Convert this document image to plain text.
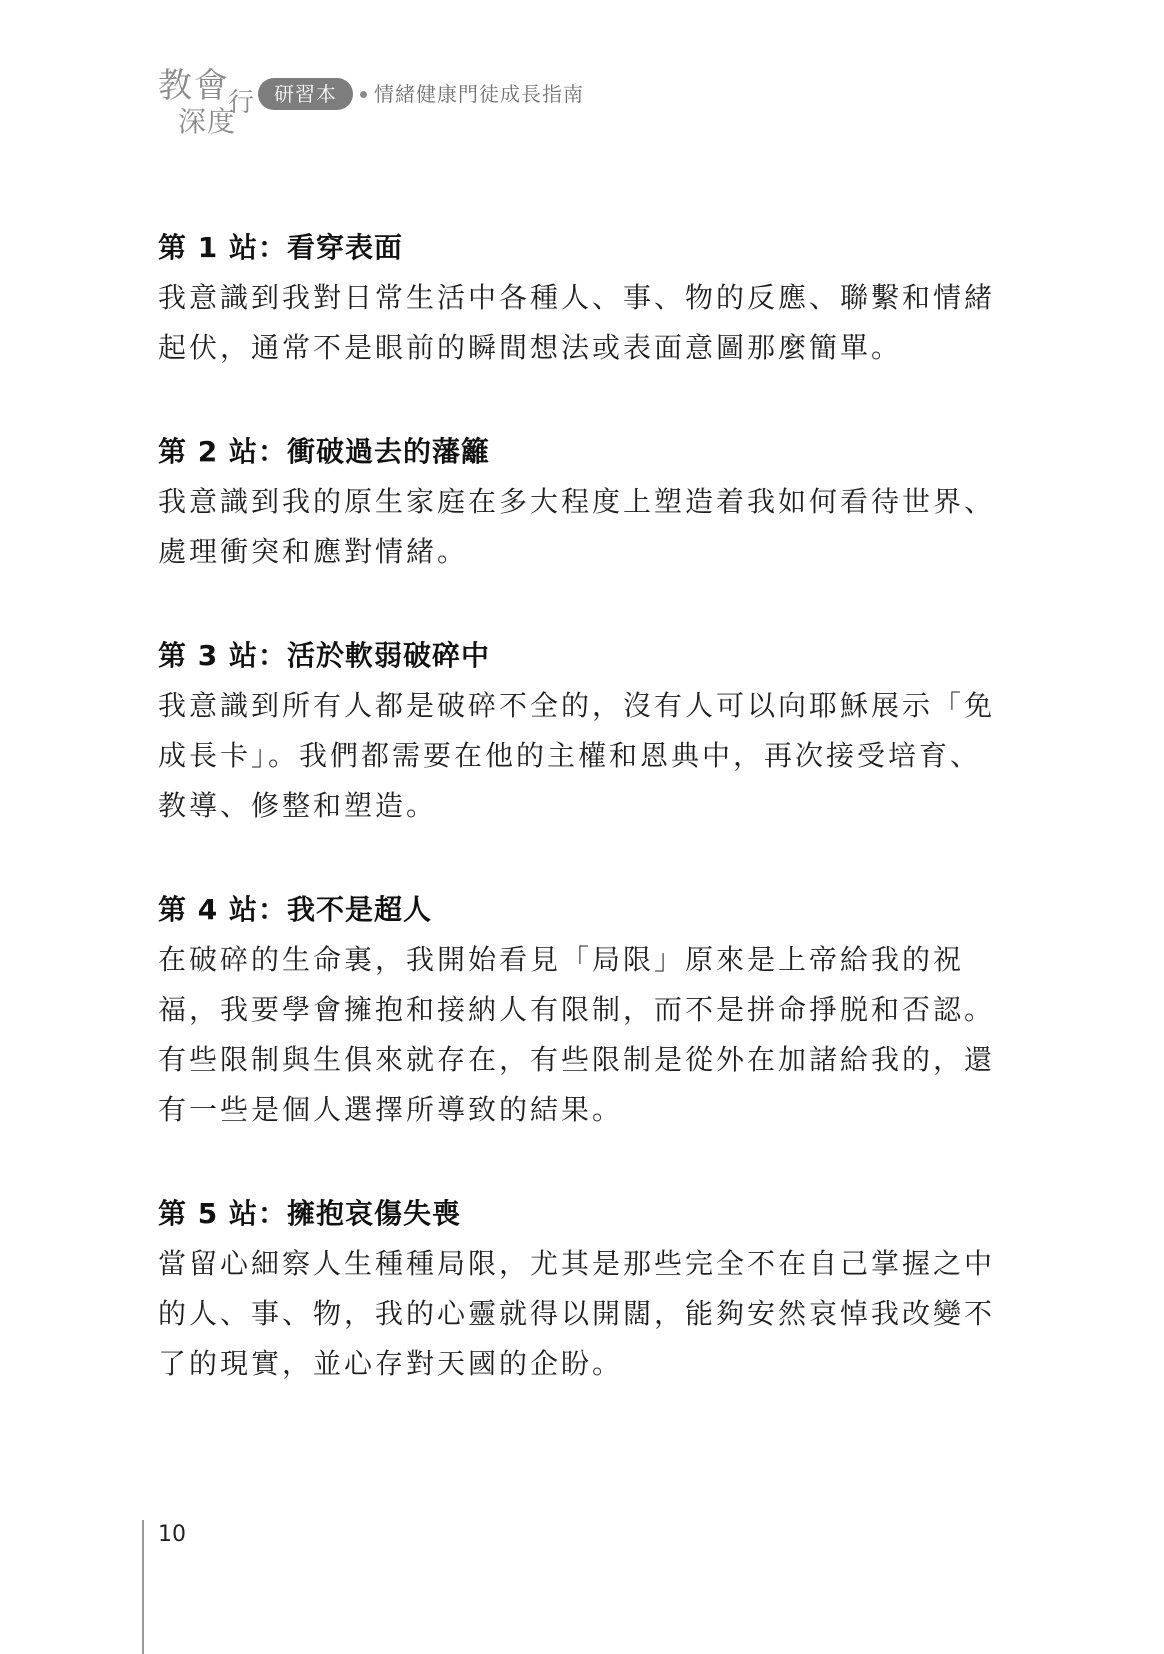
教會
深度
行 研習本	情緒健康門徒成長指南
第 1 站：看穿表面
我意識到我對日常生活中各種人、事、物的反應、聯繫和情緒起伏，通常不是眼前的瞬間想法或表面意圖那麼簡單。
第 2 站：衝破過去的藩籬
我意識到我的原生家庭在多大程度上塑造着我如何看待世界、處理衝突和應對情緒。
第 3 站：活於軟弱破碎中
我意識到所有人都是破碎不全的，沒有人可以向耶穌展示「免成長卡」。我們都需要在他的主權和恩典中，再次接受培育、教導、修整和塑造。
第 4 站：我不是超人
在破碎的生命裏，我開始看見「局限」原來是上帝給我的祝福，我要學會擁抱和接納人有限制，而不是拼命掙脱和否認。有些限制與生俱來就存在，有些限制是從外在加諸給我的，還有一些是個人選擇所導致的結果。
第 5 站：擁抱哀傷失喪
當留心細察人生種種局限，尤其是那些完全不在自己掌握之中的人、事、物，我的心靈就得以開闊，能夠安然哀悼我改變不了的現實，並心存對天國的企盼。
10
